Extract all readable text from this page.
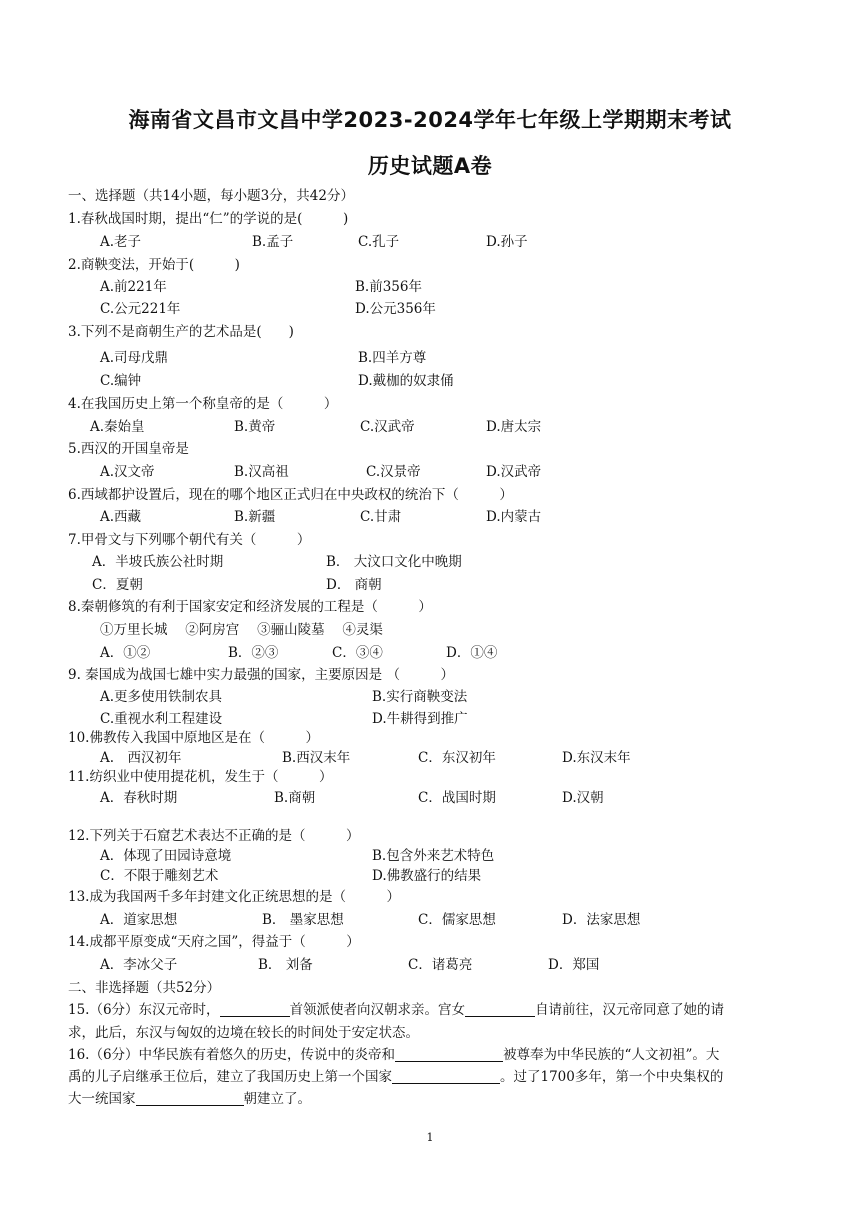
海南省文昌市文昌中学2023-2024学年七年级上学期期末考试
历史试题A卷
一、选择题（共14小题，每小题3分，共42分）
1.春秋战国时期，提出“仁”的学说的是(　　　)
A.老子	B.孟子	C.孔子	D.孙子
2.商鞅变法，开始于(　　　)
A.前221年	B.前356年
C.公元221年	D.公元356年
3.下列不是商朝生产的艺术品是(　　)
A.司母戊鼎	B.四羊方尊
C.编钟	D.戴枷的奴隶俑
4.在我国历史上第一个称皇帝的是（　　　）
A.秦始皇	B.黄帝	C.汉武帝	D.唐太宗
5.西汉的开国皇帝是
A.汉文帝	B.汉高祖	C.汉景帝	D.汉武帝
6.西域都护设置后，现在的哪个地区正式归在中央政权的统治下（　　　）
A.西藏	B.新疆	C.甘肃	D.内蒙古
7.甲骨文与下列哪个朝代有关（　　　）
A．半坡氏族公社时期	B． 大汶口文化中晚期
C．夏朝	D． 商朝
8.秦朝修筑的有利于国家安定和经济发展的工程是（　　　）
①万里长城　 ②阿房宫　 ③骊山陵墓　 ④灵渠
A．①②	B．②③	C．③④	D．①④
9. 秦国成为战国七雄中实力最强的国家，主要原因是 （　　　）
A.更多使用铁制农具	B.实行商鞅变法
C.重视水利工程建设	D.牛耕得到推广
10.佛教传入我国中原地区是在（　　　）
A.　西汉初年	B.西汉末年	C．东汉初年	D.东汉末年
11.纺织业中使用提花机，发生于（　　　）
A．春秋时期	B.商朝	C．战国时期	D.汉朝
12.下列关于石窟艺术表达不正确的是（　　　）
A．体现了田园诗意境	B.包含外来艺术特色
C．不限于雕刻艺术	D.佛教盛行的结果
13.成为我国两千多年封建文化正统思想的是（　　　）
A．道家思想	B． 墨家思想	C．儒家思想	D．法家思想
14.成都平原变成“天府之国”，得益于（　　　）
A．李冰父子	B． 刘备	C．诸葛亮	D．郑国
二、非选择题（共52分）
15.（6分）东汉元帝时，	首领派使者向汉朝求亲。宫女	自请前往，汉元帝同意了她的请
求，此后，东汉与匈奴的边境在较长的时间处于安定状态。
16.（6分）中华民族有着悠久的历史，传说中的炎帝和	被尊奉为中华民族的“人文初祖”。大
禹的儿子启继承王位后，建立了我国历史上第一个国家	。过了1700多年，第一个中央集权的
大一统国家	朝建立了。
1
